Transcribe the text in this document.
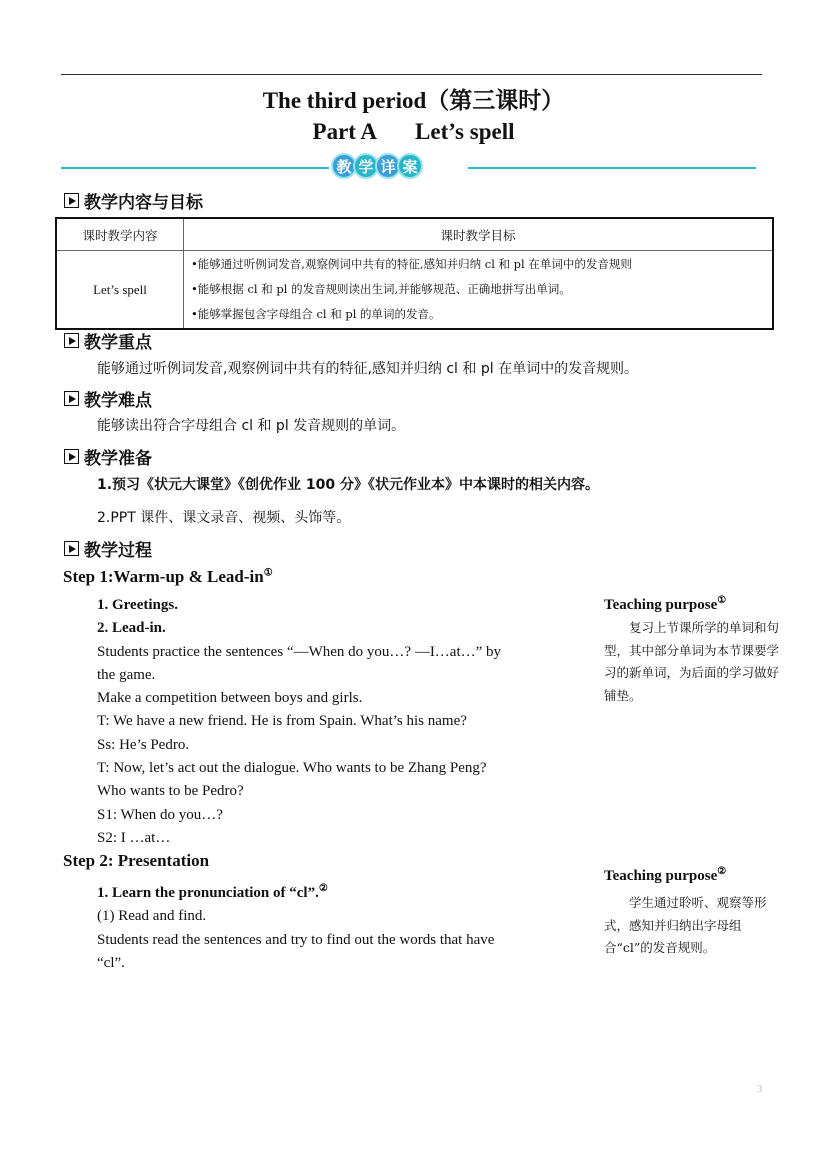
The third period（第三课时）
Part A Let’s spell
教 学 详 案
教学内容与目标
课时教学内容	课时教学目标
Let’s spell	•能够通过听例词发音,观察例词中共有的特征,感知并归纳 cl 和 pl 在单词中的发音规则
•能够根据 cl 和 pl 的发音规则读出生词,并能够规范、正确地拼写出单词。
•能够掌握包含字母组合 cl 和 pl 的单词的发音。
教学重点
能够通过听例词发音,观察例词中共有的特征,感知并归纳 cl 和 pl 在单词中的发音规则。
教学难点
能够读出符合字母组合 cl 和 pl 发音规则的单词。
教学准备
1.预习《状元大课堂》《创优作业 100 分》《状元作业本》中本课时的相关内容。
2.PPT 课件、课文录音、视频、头饰等。
教学过程
Step 1:Warm-up & Lead-in①
1. Greetings.
2. Lead-in.
Students practice the sentences “—When do you…? —I…at…” by
the game.
Make a competition between boys and girls.
T: We have a new friend. He is from Spain. What’s his name?
Ss: He’s Pedro.
T: Now, let’s act out the dialogue. Who wants to be Zhang Peng?
Who wants to be Pedro?
S1: When do you…?
S2: I …at…
Step 2: Presentation
1. Learn the pronunciation of “cl”.②
(1) Read and find.
Students read the sentences and try to find out the words that have
“cl”.
Teaching purpose①
复习上节课所学的单词和句型，其中部分单词为本节课要学习的新单词，为后面的学习做好铺垫。
Teaching purpose②
学生通过聆听、观察等形式，感知并归纳出字母组合“cl”的发音规则。
3
